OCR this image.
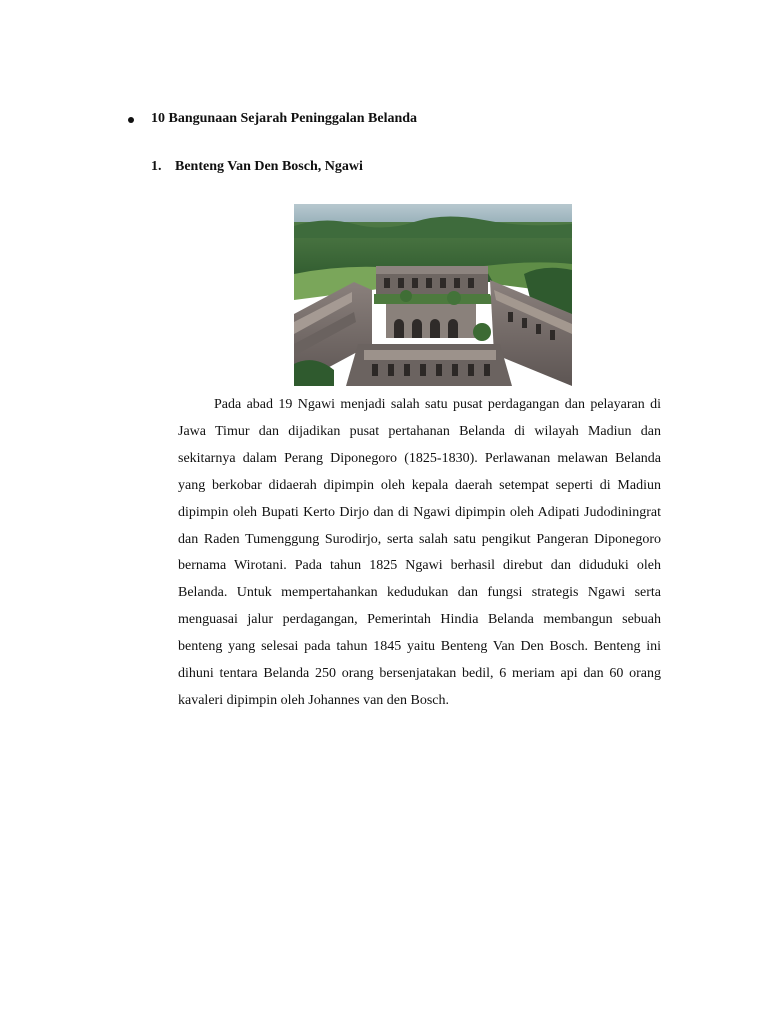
10 Bangunaan Sejarah Peninggalan Belanda
1. Benteng Van Den Bosch, Ngawi

Pada abad 19 Ngawi menjadi salah satu pusat perdagangan dan pelayaran di Jawa Timur dan dijadikan pusat pertahanan Belanda di wilayah Madiun dan sekitarnya dalam Perang Diponegoro (1825-1830). Perlawanan melawan Belanda yang berkobar didaerah dipimpin oleh kepala daerah setempat seperti di Madiun dipimpin oleh Bupati Kerto Dirjo dan di Ngawi dipimpin oleh Adipati Judodiningrat dan Raden Tumenggung Surodirjo, serta salah satu pengikut Pangeran Diponegoro bernama Wirotani. Pada tahun 1825 Ngawi berhasil direbut dan diduduki oleh Belanda. Untuk mempertahankan kedudukan dan fungsi strategis Ngawi serta menguasai jalur perdagangan, Pemerintah Hindia Belanda membangun sebuah benteng yang selesai pada tahun 1845 yaitu Benteng Van Den Bosch. Benteng ini dihuni tentara Belanda 250 orang bersenjatakan bedil, 6 meriam api dan 60 orang kavaleri dipimpin oleh Johannes van den Bosch.
